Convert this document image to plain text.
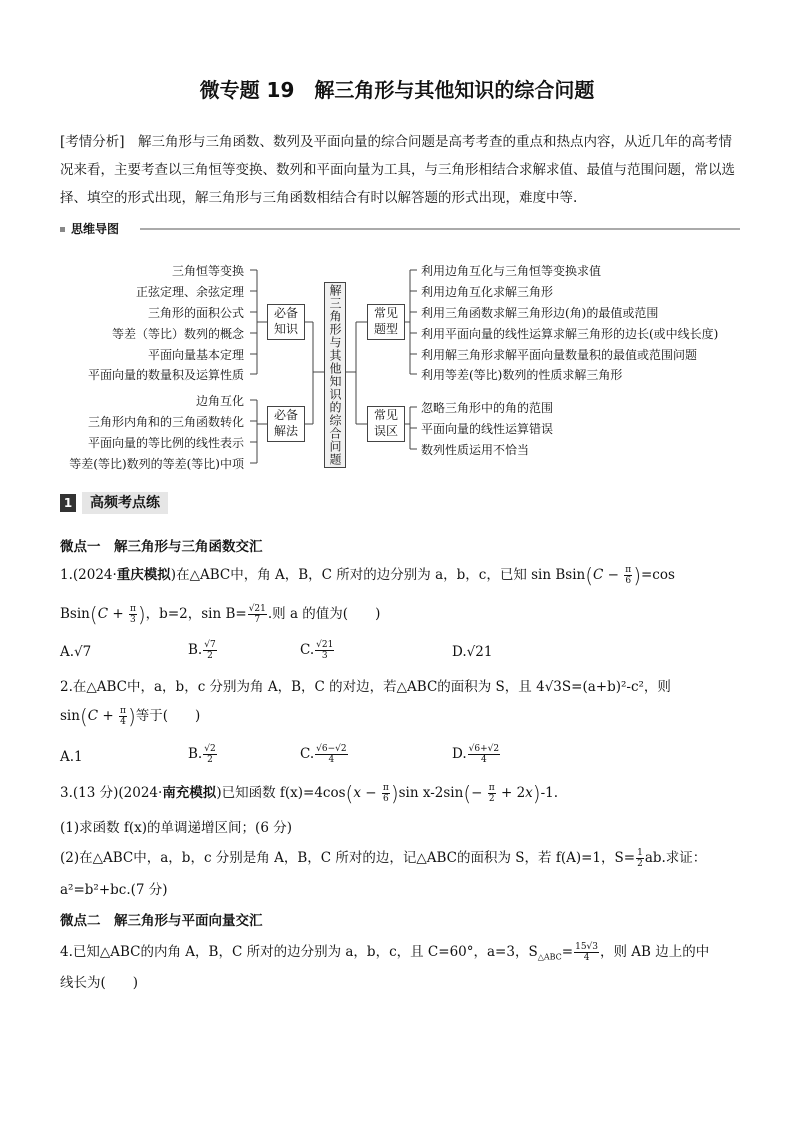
微专题 19　解三角形与其他知识的综合问题
[考情分析]　解三角形与三角函数、数列及平面向量的综合问题是高考考查的重点和热点内容，从近几年的高考情况来看，主要考查以三角恒等变换、数列和平面向量为工具，与三角形相结合求解求值、最值与范围问题，常以选择、填空的形式出现，解三角形与三角函数相结合有时以解答题的形式出现，难度中等.
思维导图
三角恒等变换
正弦定理、余弦定理
三角形的面积公式
等差（等比）数列的概念
平面向量基本定理
平面向量的数量积及运算性质
边角互化
三角形内角和的三角函数转化
平面向量的等比例的线性表示
等差(等比)数列的等差(等比)中项
必备
知识
必备
解法	解三角形与其他知识的综合问题	常见
题型
常见
误区
利用边角互化与三角恒等变换求值
利用边角互化求解三角形
利用三角函数求解三角形边(角)的最值或范围
利用平面向量的线性运算求解三角形的边长(或中线长度)
利用解三角形求解平面向量数量积的最值或范围问题
利用等差(等比)数列的性质求解三角形
忽略三角形中的角的范围
平面向量的线性运算错误
数列性质运用不恰当
1	高频考点练
微点一　解三角形与三角函数交汇
1.(2024·重庆模拟)在△ABC中，角 A，B，C 所对的边分别为 a，b，c，已知 $\sin Bsin(C - \frac{\pi}{6} )=\cos$
$Bsin(C + \frac{\pi}{3}$ )，b=2，$\sin B= \frac{√21}{7}$ .则 a 的值为(　　)
A.√7	B. $\frac{√7}{2}$	C. $\frac{√21}{3}$	D.√21
2.在△ABC中，a，b，c 分别为角 A，B，C 的对边，若△ABC的面积为 S，且 4√3S=(a+b)²-c²，则
$\sin(C + \frac{\pi}{4}$ )等于(　　)
A.1	B. $\frac{√2}{2}$	C. $\frac{√6-√2}{4}$	D. $\frac{√6+√2}{4}$
3.(13 分)(2024·南充模拟)已知函数 $f(x)=4\cos(x - \frac{\pi}{6} )\sin$ $x-2\sin(- \frac{\pi}{2} + 2x)-1$.
(1)求函数 f(x)的单调递增区间；(6 分)
(2)在△ABC中，a，b，c 分别是角 A，B，C 所对的边，记△ABC的面积为 S，若 f(A)=1，$S= \frac{1}{2}$ ab.求证：
a²=b²+bc.(7 分)
微点二　解三角形与平面向量交汇
4.已知△ABC的内角 A，B，C 所对的边分别为 a，b，c，且 C=60°，a=3，$S_{\triangle ABC}= \frac{15√3}{4}$ ，则 AB 边上的中
线长为(　　)
